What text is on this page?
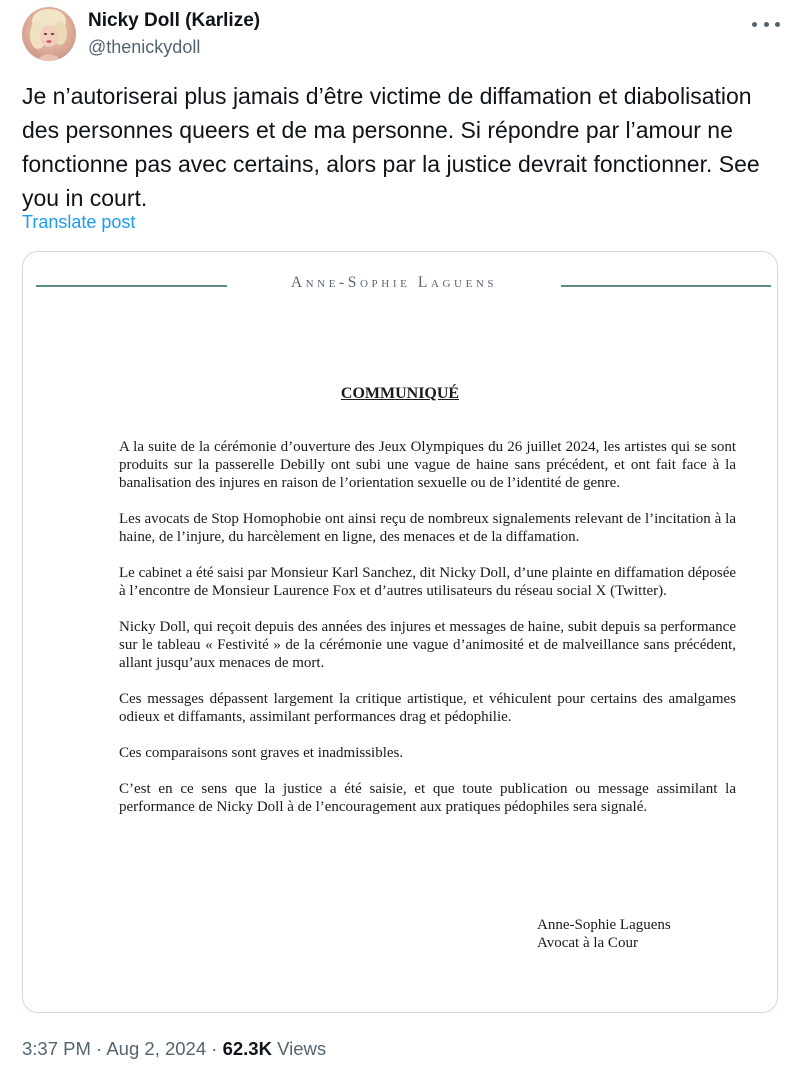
Nicky Doll (Karlize)
@thenickydoll

Je n’autoriserai plus jamais d’être victime de diffamation et diabolisation des personnes queers et de ma personne. Si répondre par l’amour ne fonctionne pas avec certains, alors par la justice devrait fonctionner. See you in court.

Translate post
Anne-Sophie Laguens
COMMUNIQUÉ

A la suite de la cérémonie d’ouverture des Jeux Olympiques du 26 juillet 2024, les artistes qui se sont produits sur la passerelle Debilly ont subi une vague de haine sans précédent, et ont fait face à la banalisation des injures en raison de l’orientation sexuelle ou de l’identité de genre.

Les avocats de Stop Homophobie ont ainsi reçu de nombreux signalements relevant de l’incitation à la haine, de l’injure, du harcèlement en ligne, des menaces et de la diffamation.

Le cabinet a été saisi par Monsieur Karl Sanchez, dit Nicky Doll, d’une plainte en diffamation déposée à l’encontre de Monsieur Laurence Fox et d’autres utilisateurs du réseau social X (Twitter).

Nicky Doll, qui reçoit depuis des années des injures et messages de haine, subit depuis sa performance sur le tableau « Festivité » de la cérémonie une vague d’animosité et de malveillance sans précédent, allant jusqu’aux menaces de mort.

Ces messages dépassent largement la critique artistique, et véhiculent pour certains des amalgames odieux et diffamants, assimilant performances drag et pédophilie.

Ces comparaisons sont graves et inadmissibles.

C’est en ce sens que la justice a été saisie, et que toute publication ou message assimilant la performance de Nicky Doll à de l’encouragement aux pratiques pédophiles sera signalé.

Anne-Sophie Laguens
Avocat à la Cour
3:37 PM · Aug 2, 2024 · 62.3K Views
